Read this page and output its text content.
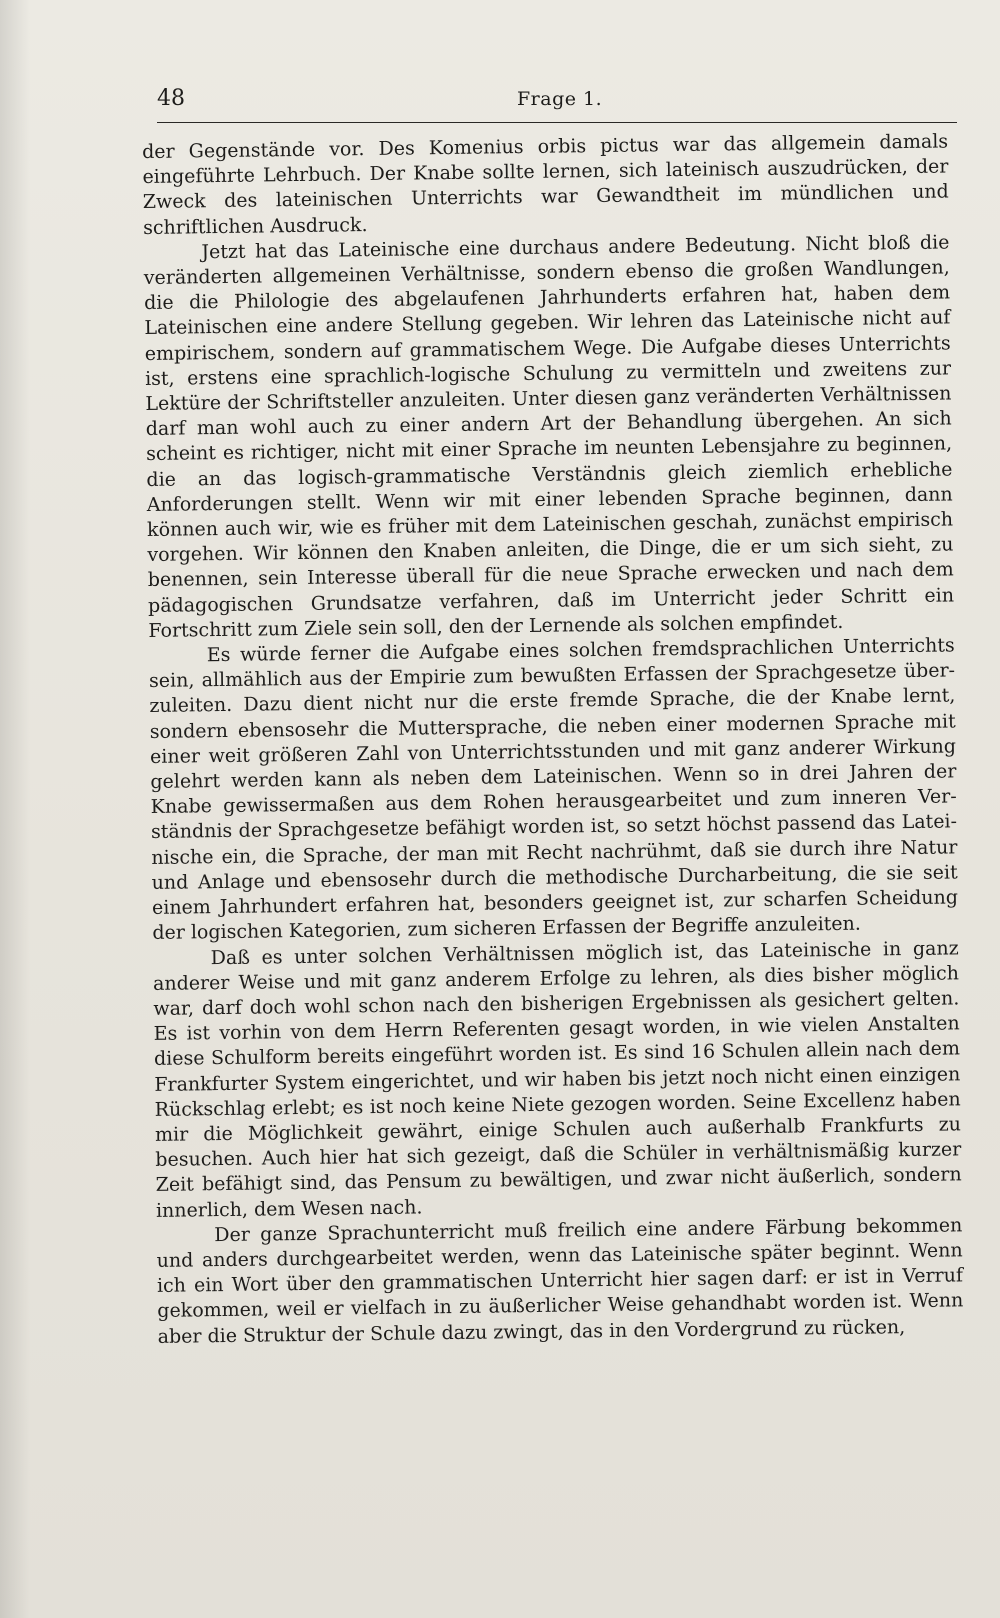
48	Frage 1.

der Gegenstände vor. Des Komenius orbis pictus war das allgemein damals eingeführte Lehrbuch. Der Knabe sollte lernen, sich lateinisch auszudrücken, der Zweck des lateinischen Unterrichts war Gewandtheit im mündlichen und schriftlichen Ausdruck.

Jetzt hat das Lateinische eine durchaus andere Bedeutung. Nicht bloß die veränderten allgemeinen Verhältnisse, sondern ebenso die großen Wandlungen, die die Philologie des abgelaufenen Jahrhunderts erfahren hat, haben dem Lateinischen eine andere Stellung gegeben. Wir lehren das Lateinische nicht auf empirischem, sondern auf grammatischem Wege. Die Aufgabe dieses Unterrichts ist, erstens eine sprachlich-logische Schulung zu vermitteln und zweitens zur Lektüre der Schriftsteller anzuleiten. Unter diesen ganz veränderten Verhältnissen darf man wohl auch zu einer andern Art der Behandlung übergehen. An sich scheint es richtiger, nicht mit einer Sprache im neunten Lebensjahre zu beginnen, die an das logisch-grammatische Verständnis gleich ziemlich erhebliche Anforderungen stellt. Wenn wir mit einer lebenden Sprache beginnen, dann können auch wir, wie es früher mit dem Lateinischen geschah, zunächst empirisch vorgehen. Wir können den Knaben anleiten, die Dinge, die er um sich sieht, zu benennen, sein Interesse überall für die neue Sprache erwecken und nach dem pädagogischen Grundsatze verfahren, daß im Unterricht jeder Schritt ein Fortschritt zum Ziele sein soll, den der Lernende als solchen empfindet.

Es würde ferner die Aufgabe eines solchen fremdsprachlichen Unterrichts sein, allmählich aus der Empirie zum bewußten Erfassen der Sprachgesetze überzuleiten. Dazu dient nicht nur die erste fremde Sprache, die der Knabe lernt, sondern ebensosehr die Muttersprache, die neben einer modernen Sprache mit einer weit größeren Zahl von Unterrichtsstunden und mit ganz anderer Wirkung gelehrt werden kann als neben dem Lateinischen. Wenn so in drei Jahren der Knabe gewissermaßen aus dem Rohen herausgearbeitet und zum inneren Verständnis der Sprachgesetze befähigt worden ist, so setzt höchst passend das Lateinische ein, die Sprache, der man mit Recht nachrühmt, daß sie durch ihre Natur und Anlage und ebensosehr durch die methodische Durcharbeitung, die sie seit einem Jahrhundert erfahren hat, besonders geeignet ist, zur scharfen Scheidung der logischen Kategorien, zum sicheren Erfassen der Begriffe anzuleiten.

Daß es unter solchen Verhältnissen möglich ist, das Lateinische in ganz anderer Weise und mit ganz anderem Erfolge zu lehren, als dies bisher möglich war, darf doch wohl schon nach den bisherigen Ergebnissen als gesichert gelten. Es ist vorhin von dem Herrn Referenten gesagt worden, in wie vielen Anstalten diese Schulform bereits eingeführt worden ist. Es sind 16 Schulen allein nach dem Frankfurter System eingerichtet, und wir haben bis jetzt noch nicht einen einzigen Rückschlag erlebt; es ist noch keine Niete gezogen worden. Seine Excellenz haben mir die Möglichkeit gewährt, einige Schulen auch außerhalb Frankfurts zu besuchen. Auch hier hat sich gezeigt, daß die Schüler in verhältnismäßig kurzer Zeit befähigt sind, das Pensum zu bewältigen, und zwar nicht äußerlich, sondern innerlich, dem Wesen nach.

Der ganze Sprachunterricht muß freilich eine andere Färbung bekommen und anders durchgearbeitet werden, wenn das Lateinische später beginnt. Wenn ich ein Wort über den grammatischen Unterricht hier sagen darf: er ist in Verruf gekommen, weil er vielfach in zu äußerlicher Weise gehandhabt worden ist. Wenn aber die Struktur der Schule dazu zwingt, das in den Vordergrund zu rücken,
